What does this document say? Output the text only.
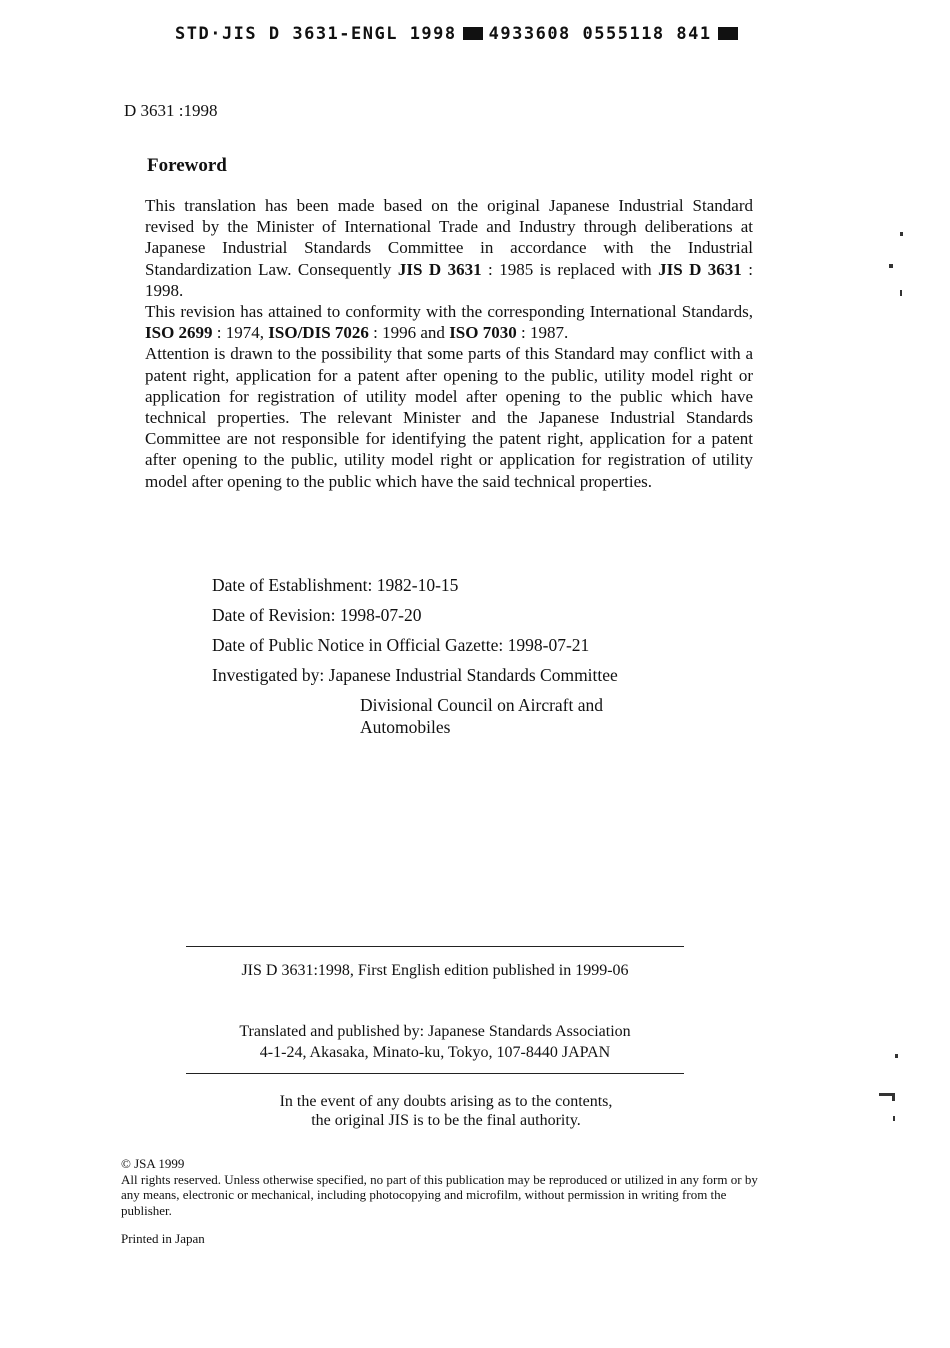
STD·JIS D 3631-ENGL 1998 4933608 0555118 841
D 3631 :1998
Foreword

This translation has been made based on the original Japanese Industrial Standard revised by the Minister of International Trade and Industry through deliberations at Japanese Industrial Standards Committee in accordance with the Industrial Standardization Law. Consequently JIS D 3631 : 1985 is replaced with JIS D 3631 : 1998.

This revision has attained to conformity with the corresponding International Standards, ISO 2699 : 1974, ISO/DIS 7026 : 1996 and ISO 7030 : 1987.

Attention is drawn to the possibility that some parts of this Standard may conflict with a patent right, application for a patent after opening to the public, utility model right or application for registration of utility model after opening to the public which have technical properties. The relevant Minister and the Japanese Industrial Standards Committee are not responsible for identifying the patent right, application for a patent after opening to the public, utility model right or application for registration of utility model after opening to the public which have the said technical properties.

Date of Establishment: 1982-10-15
Date of Revision: 1998-07-20
Date of Public Notice in Official Gazette: 1998-07-21
Investigated by: Japanese Industrial Standards Committee
Divisional Council on Aircraft and Automobiles
JIS D 3631:1998, First English edition published in 1999-06
Translated and published by: Japanese Standards Association
4-1-24, Akasaka, Minato-ku, Tokyo, 107-8440 JAPAN
In the event of any doubts arising as to the contents,
the original JIS is to be the final authority.
© JSA 1999
All rights reserved. Unless otherwise specified, no part of this publication may be reproduced or utilized in any form or by any means, electronic or mechanical, including photocopying and microfilm, without permission in writing from the publisher.
Printed in Japan
